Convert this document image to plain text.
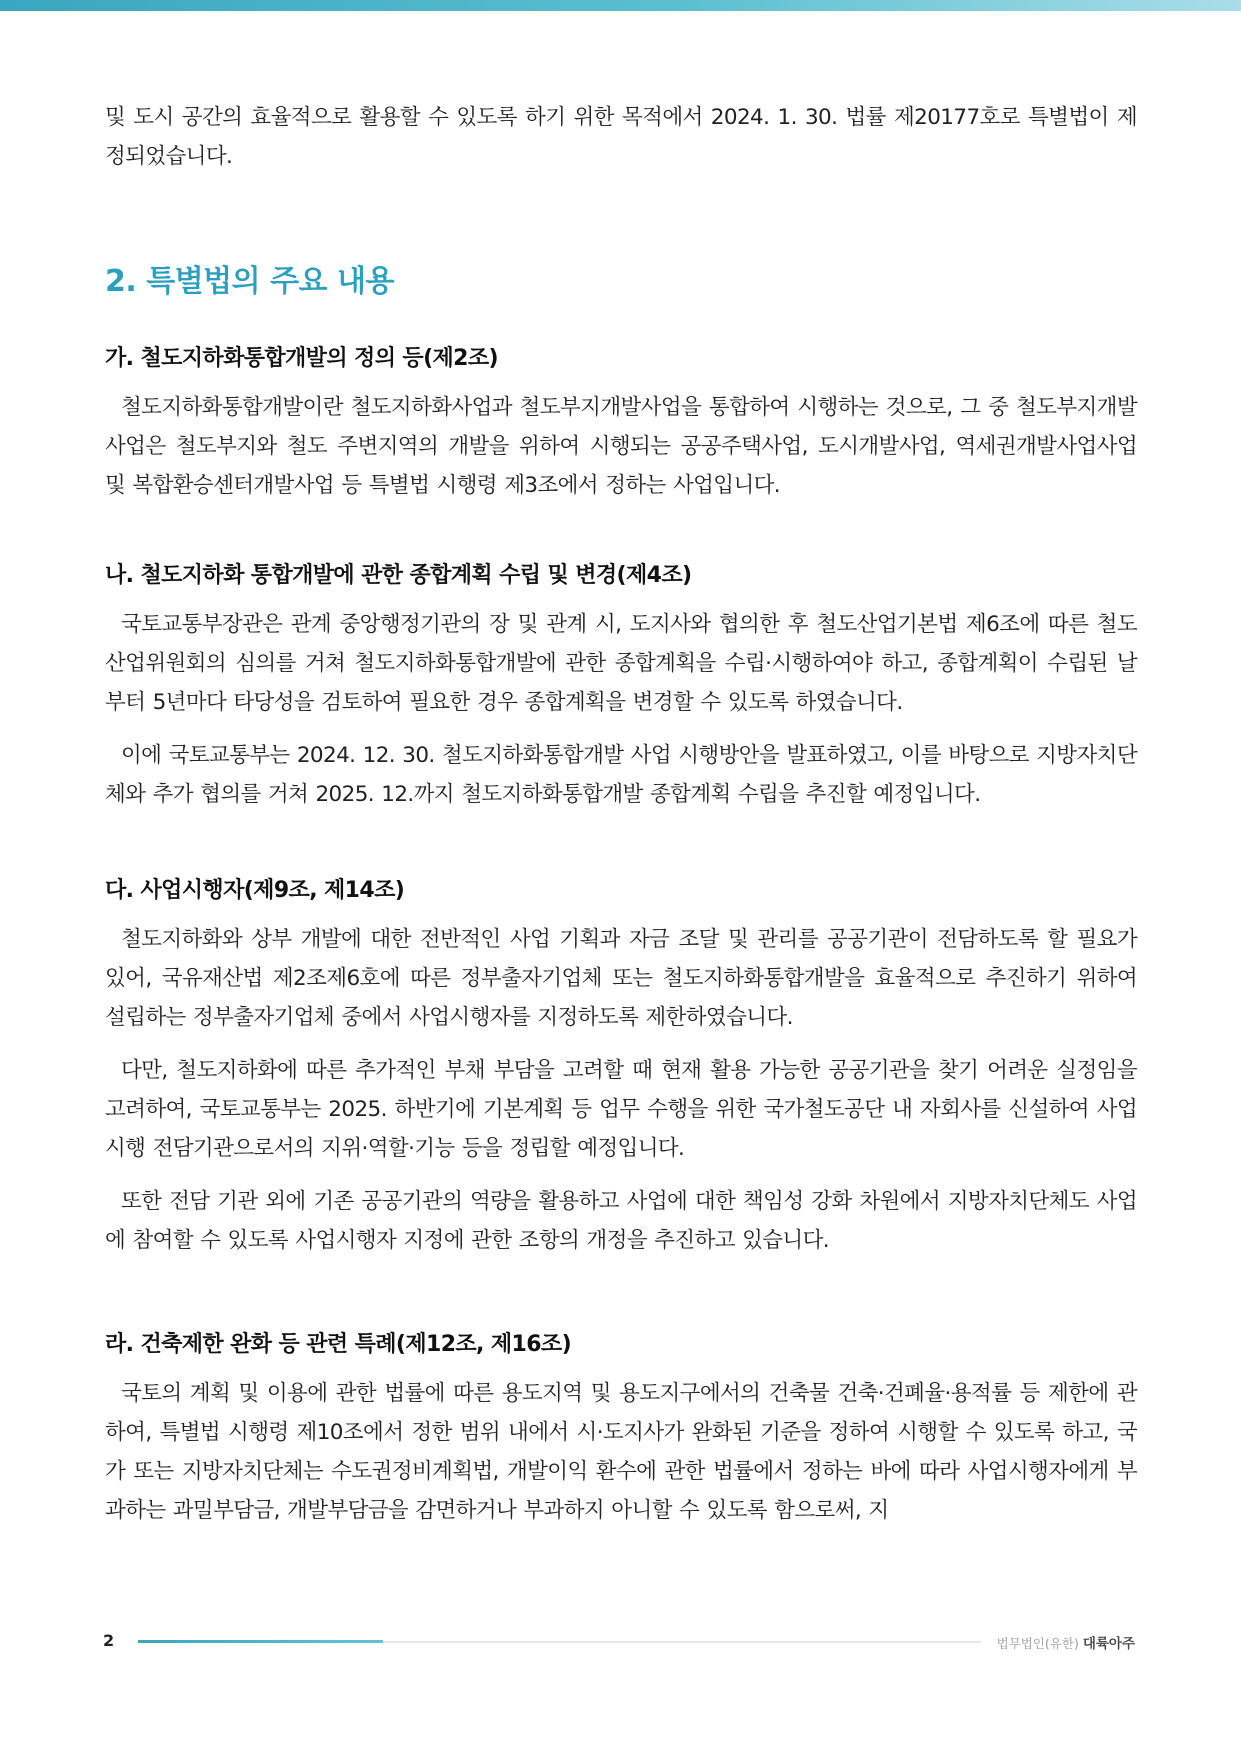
및 도시 공간의 효율적으로 활용할 수 있도록 하기 위한 목적에서 2024. 1. 30. 법률 제20177호로 특별법이 제정되었습니다.

2. 특별법의 주요 내용
가. 철도지하화통합개발의 정의 등(제2조)

철도지하화통합개발이란 철도지하화사업과 철도부지개발사업을 통합하여 시행하는 것으로, 그 중 철도부지개발사업은 철도부지와 철도 주변지역의 개발을 위하여 시행되는 공공주택사업, 도시개발사업, 역세권개발사업사업 및 복합환승센터개발사업 등 특별법 시행령 제3조에서 정하는 사업입니다.

나. 철도지하화 통합개발에 관한 종합계획 수립 및 변경(제4조)

국토교통부장관은 관계 중앙행정기관의 장 및 관계 시, 도지사와 협의한 후 철도산업기본법 제6조에 따른 철도산업위원회의 심의를 거쳐 철도지하화통합개발에 관한 종합계획을 수립·시행하여야 하고, 종합계획이 수립된 날부터 5년마다 타당성을 검토하여 필요한 경우 종합계획을 변경할 수 있도록 하였습니다.

이에 국토교통부는 2024. 12. 30. 철도지하화통합개발 사업 시행방안을 발표하였고, 이를 바탕으로 지방자치단체와 추가 협의를 거쳐 2025. 12.까지 철도지하화통합개발 종합계획 수립을 추진할 예정입니다.

다. 사업시행자(제9조, 제14조)

철도지하화와 상부 개발에 대한 전반적인 사업 기획과 자금 조달 및 관리를 공공기관이 전담하도록 할 필요가 있어, 국유재산법 제2조제6호에 따른 정부출자기업체 또는 철도지하화통합개발을 효율적으로 추진하기 위하여 설립하는 정부출자기업체 중에서 사업시행자를 지정하도록 제한하였습니다.

다만, 철도지하화에 따른 추가적인 부채 부담을 고려할 때 현재 활용 가능한 공공기관을 찾기 어려운 실정임을 고려하여, 국토교통부는 2025. 하반기에 기본계획 등 업무 수행을 위한 국가철도공단 내 자회사를 신설하여 사업시행 전담기관으로서의 지위·역할·기능 등을 정립할 예정입니다.

또한 전담 기관 외에 기존 공공기관의 역량을 활용하고 사업에 대한 책임성 강화 차원에서 지방자치단체도 사업에 참여할 수 있도록 사업시행자 지정에 관한 조항의 개정을 추진하고 있습니다.

라. 건축제한 완화 등 관련 특례(제12조, 제16조)

국토의 계획 및 이용에 관한 법률에 따른 용도지역 및 용도지구에서의 건축물 건축·건폐율·용적률 등 제한에 관하여, 특별법 시행령 제10조에서 정한 범위 내에서 시·도지사가 완화된 기준을 정하여 시행할 수 있도록 하고, 국가 또는 지방자치단체는 수도권정비계획법, 개발이익 환수에 관한 법률에서 정하는 바에 따라 사업시행자에게 부과하는 과밀부담금, 개발부담금을 감면하거나 부과하지 아니할 수 있도록 함으로써, 지

2	법무법인(유한) 대륙아주
